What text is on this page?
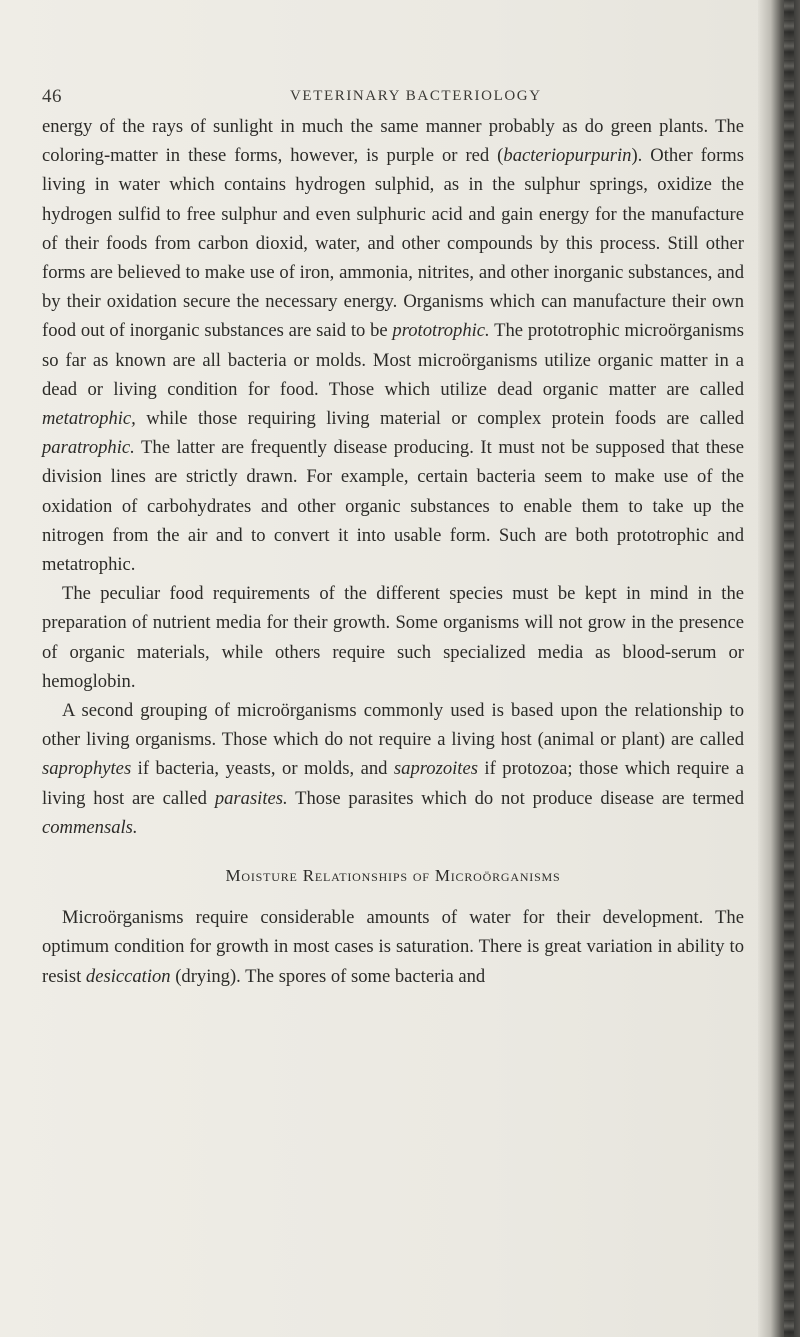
46	VETERINARY BACTERIOLOGY

energy of the rays of sunlight in much the same manner probably as do green plants. The coloring-matter in these forms, however, is purple or red (bacteriopurpurin). Other forms living in water which contains hydrogen sulphid, as in the sulphur springs, oxidize the hydrogen sulfid to free sulphur and even sulphuric acid and gain energy for the manufacture of their foods from carbon dioxid, water, and other compounds by this process. Still other forms are believed to make use of iron, ammonia, nitrites, and other inorganic substances, and by their oxidation secure the necessary energy. Organisms which can manufacture their own food out of inorganic substances are said to be prototrophic. The prototrophic microörganisms so far as known are all bacteria or molds. Most microörganisms utilize organic matter in a dead or living condition for food. Those which utilize dead organic matter are called metatrophic, while those requiring living material or complex protein foods are called paratrophic. The latter are frequently disease producing. It must not be supposed that these division lines are strictly drawn. For example, certain bacteria seem to make use of the oxidation of carbohydrates and other organic substances to enable them to take up the nitrogen from the air and to convert it into usable form. Such are both prototrophic and metatrophic.

The peculiar food requirements of the different species must be kept in mind in the preparation of nutrient media for their growth. Some organisms will not grow in the presence of organic materials, while others require such specialized media as blood-serum or hemoglobin.

A second grouping of microörganisms commonly used is based upon the relationship to other living organisms. Those which do not require a living host (animal or plant) are called saprophytes if bacteria, yeasts, or molds, and saprozoites if protozoa; those which require a living host are called parasites. Those parasites which do not produce disease are termed commensals.

Moisture Relationships of Microörganisms

Microörganisms require considerable amounts of water for their development. The optimum condition for growth in most cases is saturation. There is great variation in ability to resist desiccation (drying). The spores of some bacteria and
